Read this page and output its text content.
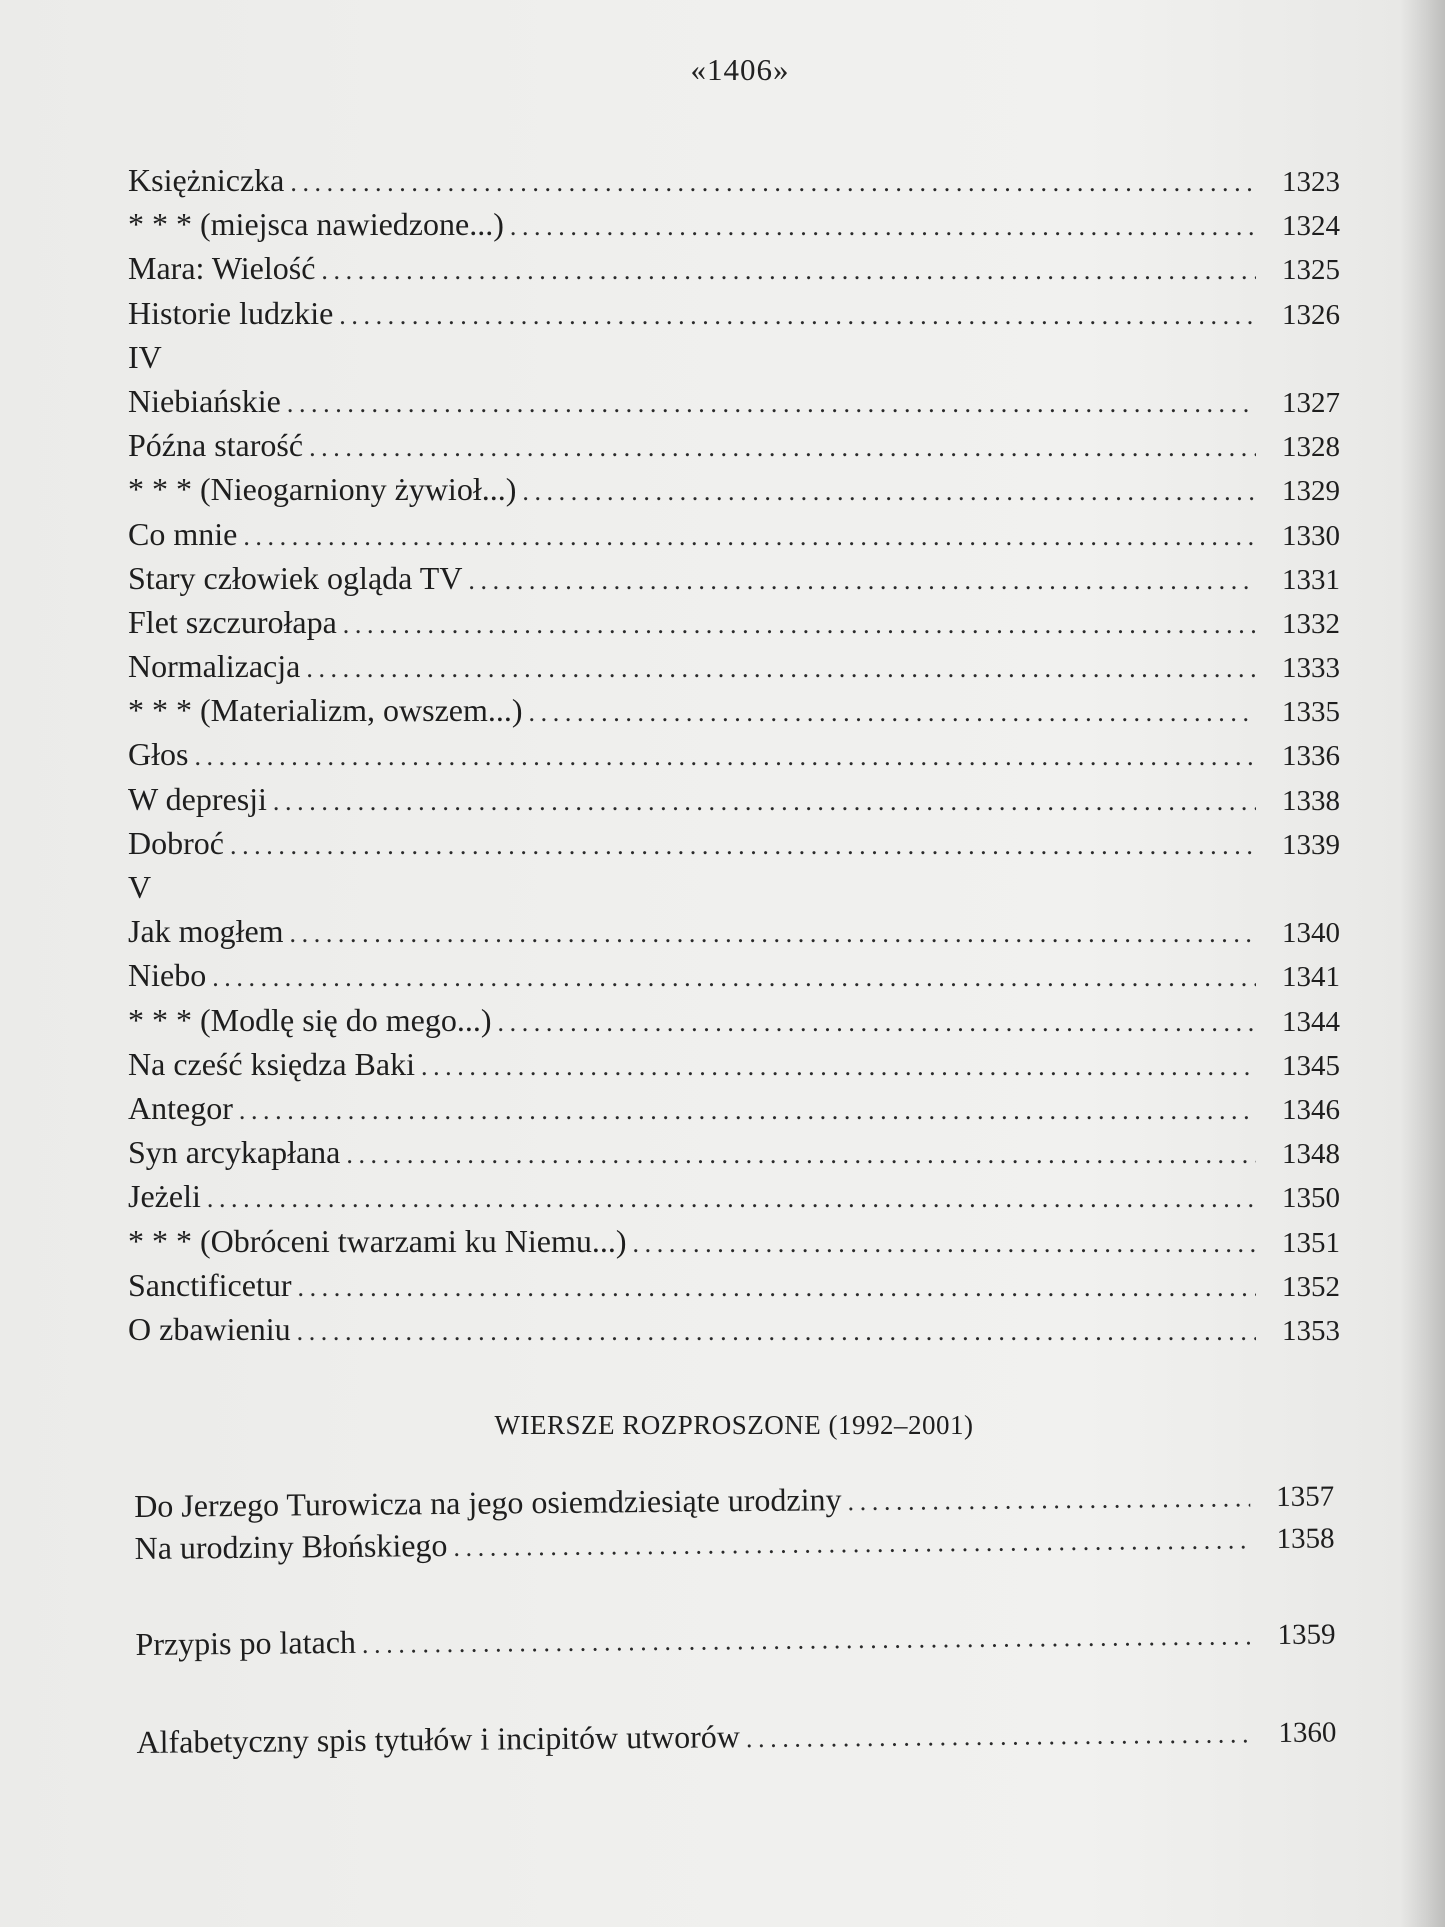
«1406»
Księżniczka .....	1323
* * * (miejsca nawiedzone...) .....	1324
Mara: Wielość .....	1325
Historie ludzkie .....	1326
IV
Niebiańskie .....	1327
Późna starość .....	1328
* * * (Nieogarniony żywioł...) .....	1329
Co mnie .....	1330
Stary człowiek ogląda TV .....	1331
Flet szczurołapa .....	1332
Normalizacja .....	1333
* * * (Materializm, owszem...) .....	1335
Głos .....	1336
W depresji .....	1338
Dobroć .....	1339
V
Jak mogłem .....	1340
Niebo .....	1341
* * * (Modlę się do mego...) .....	1344
Na cześć księdza Baki .....	1345
Antegor .....	1346
Syn arcykapłana .....	1348
Jeżeli .....	1350
* * * (Obróceni twarzami ku Niemu...) .....	1351
Sanctificetur .....	1352
O zbawieniu .....	1353
WIERSZE ROZPROSZONE (1992–2001)
Do Jerzego Turowicza na jego osiemdziesiąte urodziny .....	1357
Na urodziny Błońskiego .....	1358
Przypis po latach .....	1359
Alfabetyczny spis tytułów i incipitów utworów .....	1360
